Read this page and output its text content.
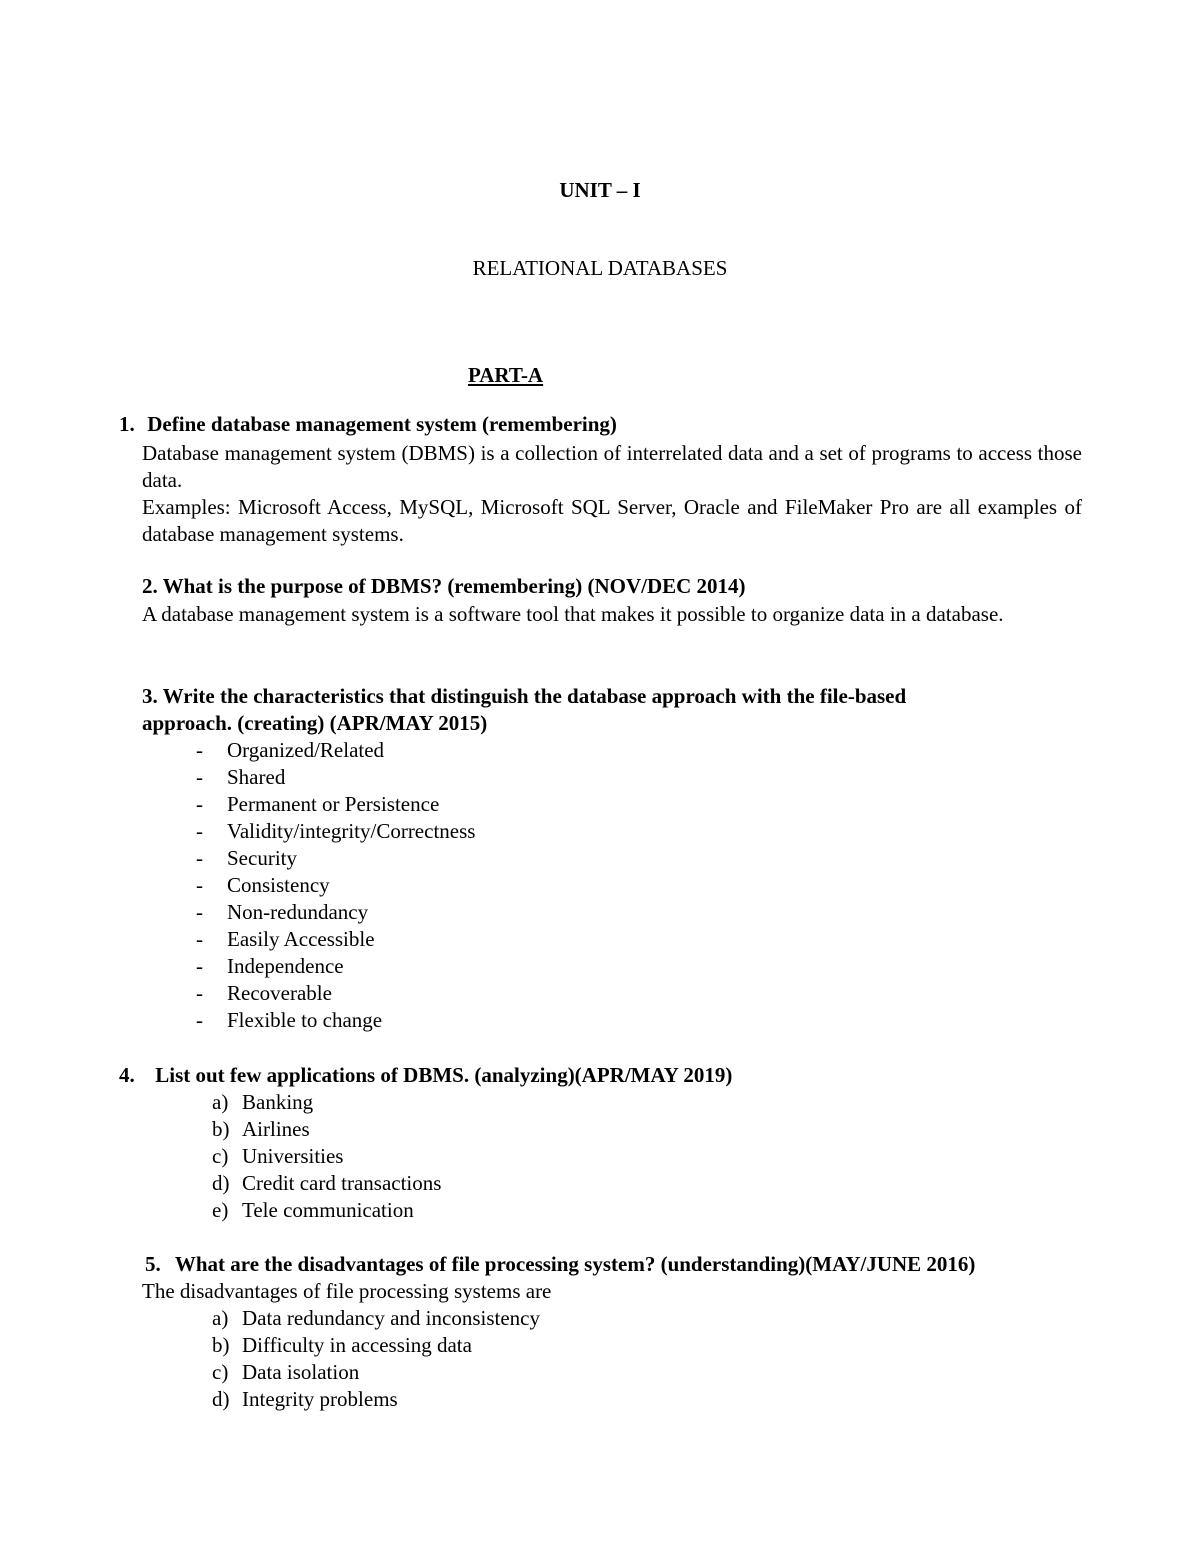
UNIT – I
RELATIONAL DATABASES
PART-A
1. Define database management system (remembering)
Database management system (DBMS) is a collection of interrelated data and a set of programs to access those data.
Examples: Microsoft Access, MySQL, Microsoft SQL Server, Oracle and FileMaker Pro are all examples of database management systems.
2. What is the purpose of DBMS? (remembering) (NOV/DEC 2014)
A database management system is a software tool that makes it possible to organize data in a database.
3. Write the characteristics that distinguish the database approach with the file-based
approach. (creating) (APR/MAY 2015)
- Organized/Related
- Shared
- Permanent or Persistence
- Validity/integrity/Correctness
- Security
- Consistency
- Non-redundancy
- Easily Accessible
- Independence
- Recoverable
- Flexible to change
4. List out few applications of DBMS. (analyzing)(APR/MAY 2019)
a) Banking
b) Airlines
c) Universities
d) Credit card transactions
e) Tele communication
5. What are the disadvantages of file processing system? (understanding)(MAY/JUNE 2016)
The disadvantages of file processing systems are
a) Data redundancy and inconsistency
b) Difficulty in accessing data
c) Data isolation
d) Integrity problems
